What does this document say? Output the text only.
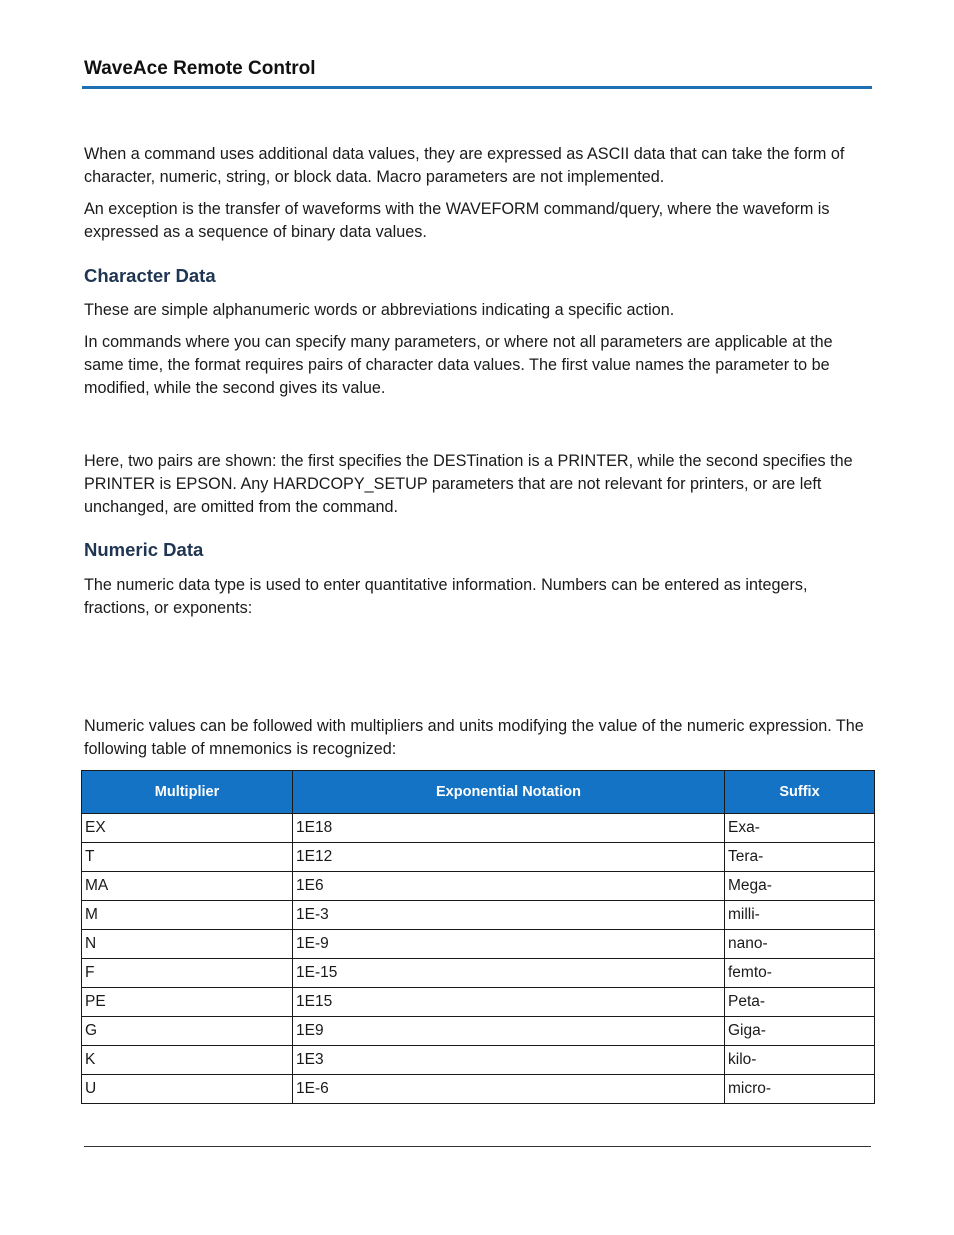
WaveAce Remote Control

When a command uses additional data values, they are expressed as ASCII data that can take the form of character, numeric, string, or block data. Macro parameters are not implemented.

An exception is the transfer of waveforms with the WAVEFORM command/query, where the waveform is expressed as a sequence of binary data values.

Character Data

These are simple alphanumeric words or abbreviations indicating a specific action.

In commands where you can specify many parameters, or where not all parameters are applicable at the same time, the format requires pairs of character data values. The first value names the parameter to be modified, while the second gives its value.

Here, two pairs are shown: the first specifies the DESTination is a PRINTER, while the second specifies the PRINTER is EPSON. Any HARDCOPY_SETUP parameters that are not relevant for printers, or are left unchanged, are omitted from the command.

Numeric Data

The numeric data type is used to enter quantitative information. Numbers can be entered as integers, fractions, or exponents:

Numeric values can be followed with multipliers and units modifying the value of the numeric expression. The following table of mnemonics is recognized:

Multiplier	Exponential Notation	Suffix
EX	1E18	Exa-
T	1E12	Tera-
MA	1E6	Mega-
M	1E-3	milli-
N	1E-9	nano-
F	1E-15	femto-
PE	1E15	Peta-
G	1E9	Giga-
K	1E3	kilo-
U	1E-6	micro-
